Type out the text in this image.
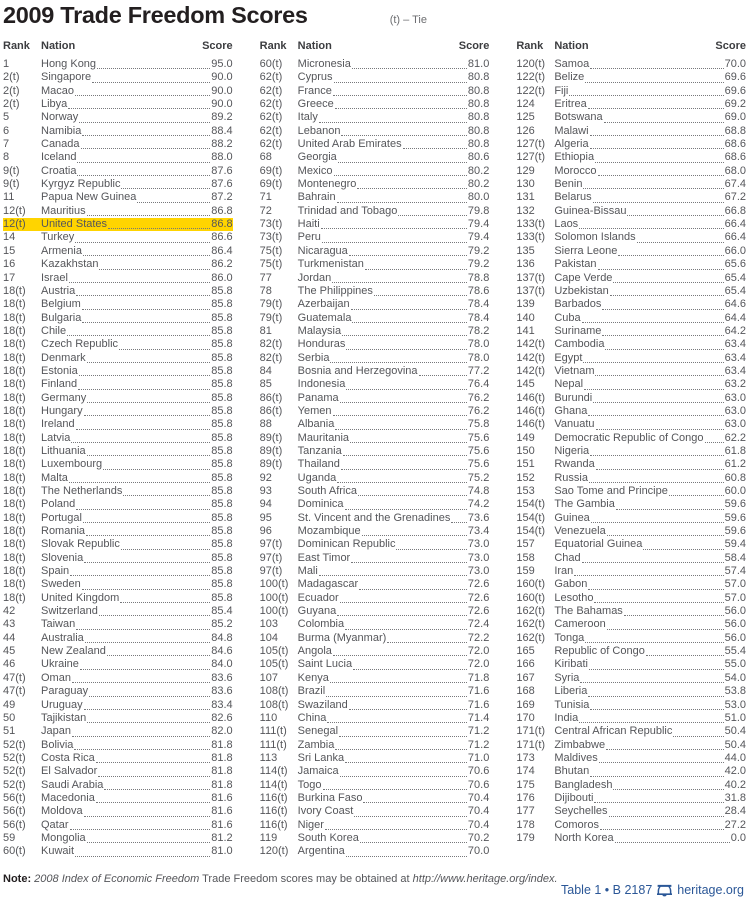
2009 Trade Freedom Scores	(t) – Tie
Rank	Nation	Score
1	Hong Kong	95.0
2(t)	Singapore	90.0
2(t)	Macao	90.0
2(t)	Libya	90.0
5	Norway	89.2
6	Namibia	88.4
7	Canada	88.2
8	Iceland	88.0
9(t)	Croatia	87.6
9(t)	Kyrgyz Republic	87.6
11	Papua New Guinea	87.2
12(t)	Mauritius	86.8
12(t)	United States	86.8
14	Turkey	86.6
15	Armenia	86.4
16	Kazakhstan	86.2
17	Israel	86.0
18(t)	Austria	85.8
18(t)	Belgium	85.8
18(t)	Bulgaria	85.8
18(t)	Chile	85.8
18(t)	Czech Republic	85.8
18(t)	Denmark	85.8
18(t)	Estonia	85.8
18(t)	Finland	85.8
18(t)	Germany	85.8
18(t)	Hungary	85.8
18(t)	Ireland	85.8
18(t)	Latvia	85.8
18(t)	Lithuania	85.8
18(t)	Luxembourg	85.8
18(t)	Malta	85.8
18(t)	The Netherlands	85.8
18(t)	Poland	85.8
18(t)	Portugal	85.8
18(t)	Romania	85.8
18(t)	Slovak Republic	85.8
18(t)	Slovenia	85.8
18(t)	Spain	85.8
18(t)	Sweden	85.8
18(t)	United Kingdom	85.8
42	Switzerland	85.4
43	Taiwan	85.2
44	Australia	84.8
45	New Zealand	84.6
46	Ukraine	84.0
47(t)	Oman	83.6
47(t)	Paraguay	83.6
49	Uruguay	83.4
50	Tajikistan	82.6
51	Japan	82.0
52(t)	Bolivia	81.8
52(t)	Costa Rica	81.8
52(t)	El Salvador	81.8
52(t)	Saudi Arabia	81.8
56(t)	Macedonia	81.6
56(t)	Moldova	81.6
56(t)	Qatar	81.6
59	Mongolia	81.2
60(t)	Kuwait	81.0
Rank	Nation	Score
60(t)	Micronesia	81.0
62(t)	Cyprus	80.8
62(t)	France	80.8
62(t)	Greece	80.8
62(t)	Italy	80.8
62(t)	Lebanon	80.8
62(t)	United Arab Emirates	80.8
68	Georgia	80.6
69(t)	Mexico	80.2
69(t)	Montenegro	80.2
71	Bahrain	80.0
72	Trinidad and Tobago	79.8
73(t)	Haiti	79.4
73(t)	Peru	79.4
75(t)	Nicaragua	79.2
75(t)	Turkmenistan	79.2
77	Jordan	78.8
78	The Philippines	78.6
79(t)	Azerbaijan	78.4
79(t)	Guatemala	78.4
81	Malaysia	78.2
82(t)	Honduras	78.0
82(t)	Serbia	78.0
84	Bosnia and Herzegovina	77.2
85	Indonesia	76.4
86(t)	Panama	76.2
86(t)	Yemen	76.2
88	Albania	75.8
89(t)	Mauritania	75.6
89(t)	Tanzania	75.6
89(t)	Thailand	75.6
92	Uganda	75.2
93	South Africa	74.8
94	Dominica	74.2
95	St. Vincent and the Grenadines 73.6
96	Mozambique	73.4
97(t)	Dominican Republic	73.0
97(t)	East Timor	73.0
97(t)	Mali	73.0
100(t) Madagascar	72.6
100(t) Ecuador	72.6
100(t) Guyana	72.6
103	Colombia	72.4
104	Burma (Myanmar)	72.2
105(t) Angola	72.0
105(t) Saint Lucia	72.0
107	Kenya	71.8
108(t) Brazil	71.6
108(t) Swaziland	71.6
110	China	71.4
111(t) Senegal	71.2
111(t) Zambia	71.2
113	Sri Lanka	71.0
114(t) Jamaica	70.6
114(t) Togo	70.6
116(t) Burkina Faso	70.4
116(t) Ivory Coast	70.4
116(t) Niger	70.4
119	South Korea	70.2
120(t) Argentina	70.0
Rank	Nation	Score
120(t) Samoa	70.0
122(t) Belize	69.6
122(t) Fiji	69.6
124	Eritrea	69.2
125	Botswana	69.0
126	Malawi	68.8
127(t) Algeria	68.6
127(t) Ethiopia	68.6
129	Morocco	68.0
130	Benin	67.4
131	Belarus	67.2
132	Guinea-Bissau	66.8
133(t) Laos	66.4
133(t) Solomon Islands	66.4
135	Sierra Leone	66.0
136	Pakistan	65.6
137(t) Cape Verde	65.4
137(t) Uzbekistan	65.4
139	Barbados	64.6
140	Cuba	64.4
141	Suriname	64.2
142(t) Cambodia	63.4
142(t) Egypt	63.4
142(t) Vietnam	63.4
145	Nepal	63.2
146(t) Burundi	63.0
146(t) Ghana	63.0
146(t) Vanuatu	63.0
149	Democratic Republic of Congo 62.2
150	Nigeria	61.8
151	Rwanda	61.2
152	Russia	60.8
153	Sao Tome and Principe	60.0
154(t) The Gambia	59.6
154(t) Guinea	59.6
154(t) Venezuela	59.6
157	Equatorial Guinea	59.4
158	Chad	58.4
159	Iran	57.4
160(t) Gabon	57.0
160(t) Lesotho	57.0
162(t) The Bahamas	56.0
162(t) Cameroon	56.0
162(t) Tonga	56.0
165	Republic of Congo	55.4
166	Kiribati	55.0
167	Syria	54.0
168	Liberia	53.8
169	Tunisia	53.0
170	India	51.0
171(t) Central African Republic	50.4
171(t) Zimbabwe	50.4
173	Maldives	44.0
174	Bhutan	42.0
175	Bangladesh	40.2
176	Dijibouti	31.8
177	Seychelles	28.4
178	Comoros	27.2
179	North Korea	0.0
Note: 2008 Index of Economic Freedom Trade Freedom scores may be obtained at http://www.heritage.org/index.
Table 1 • B 2187 heritage.org
